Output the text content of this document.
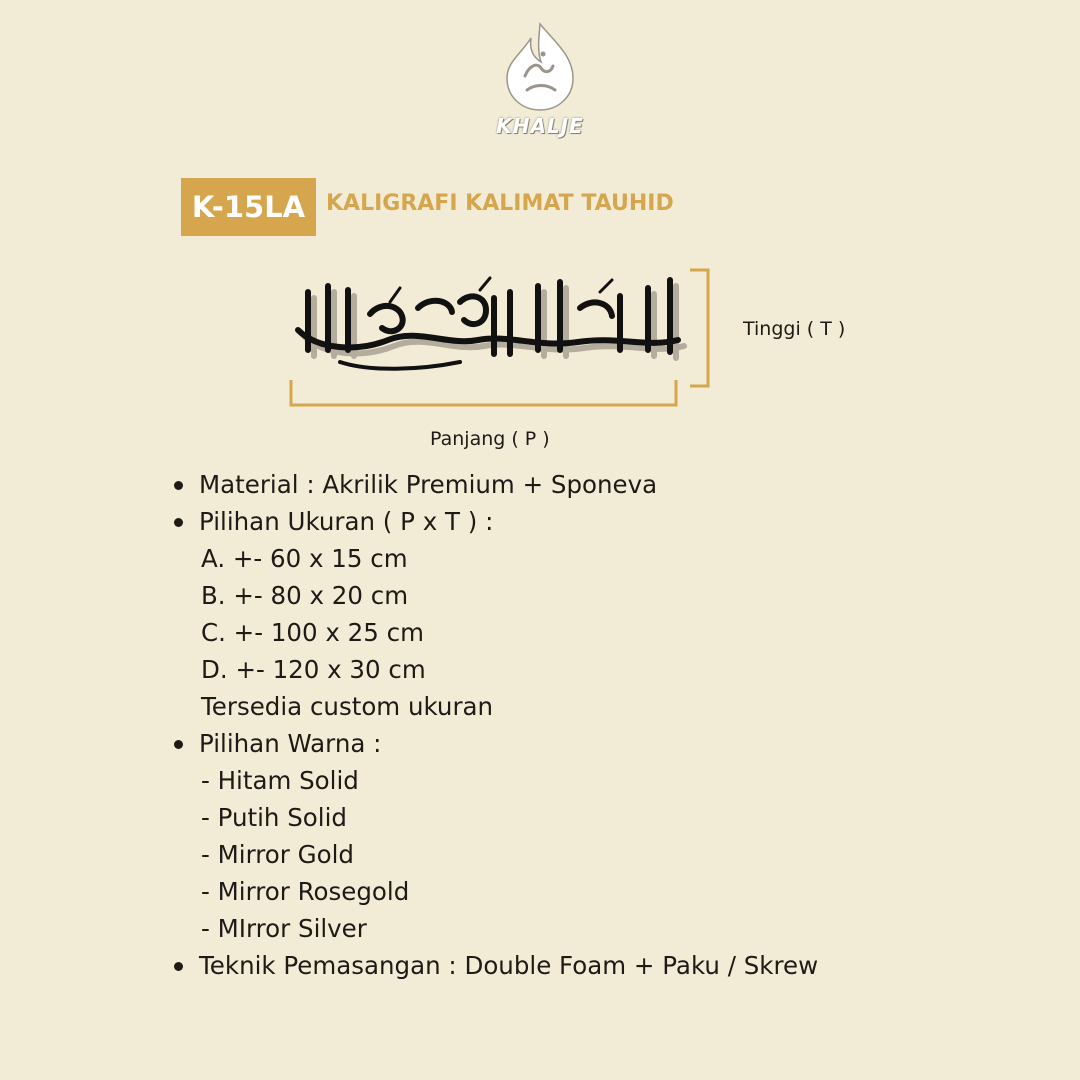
KHALJE
K-15LA KALIGRAFI KALIMAT TAUHID
Tinggi ( T )
Panjang ( P )
Material : Akrilik Premium + Sponeva
Pilihan Ukuran ( P x T ) :
A. +- 60 x 15 cm
B. +- 80 x 20 cm
C. +- 100 x 25 cm
D. +- 120 x 30 cm
Tersedia custom ukuran
Pilihan Warna :
- Hitam Solid
- Putih Solid
- Mirror Gold
- Mirror Rosegold
- MIrror Silver
Teknik Pemasangan : Double Foam + Paku / Skrew
